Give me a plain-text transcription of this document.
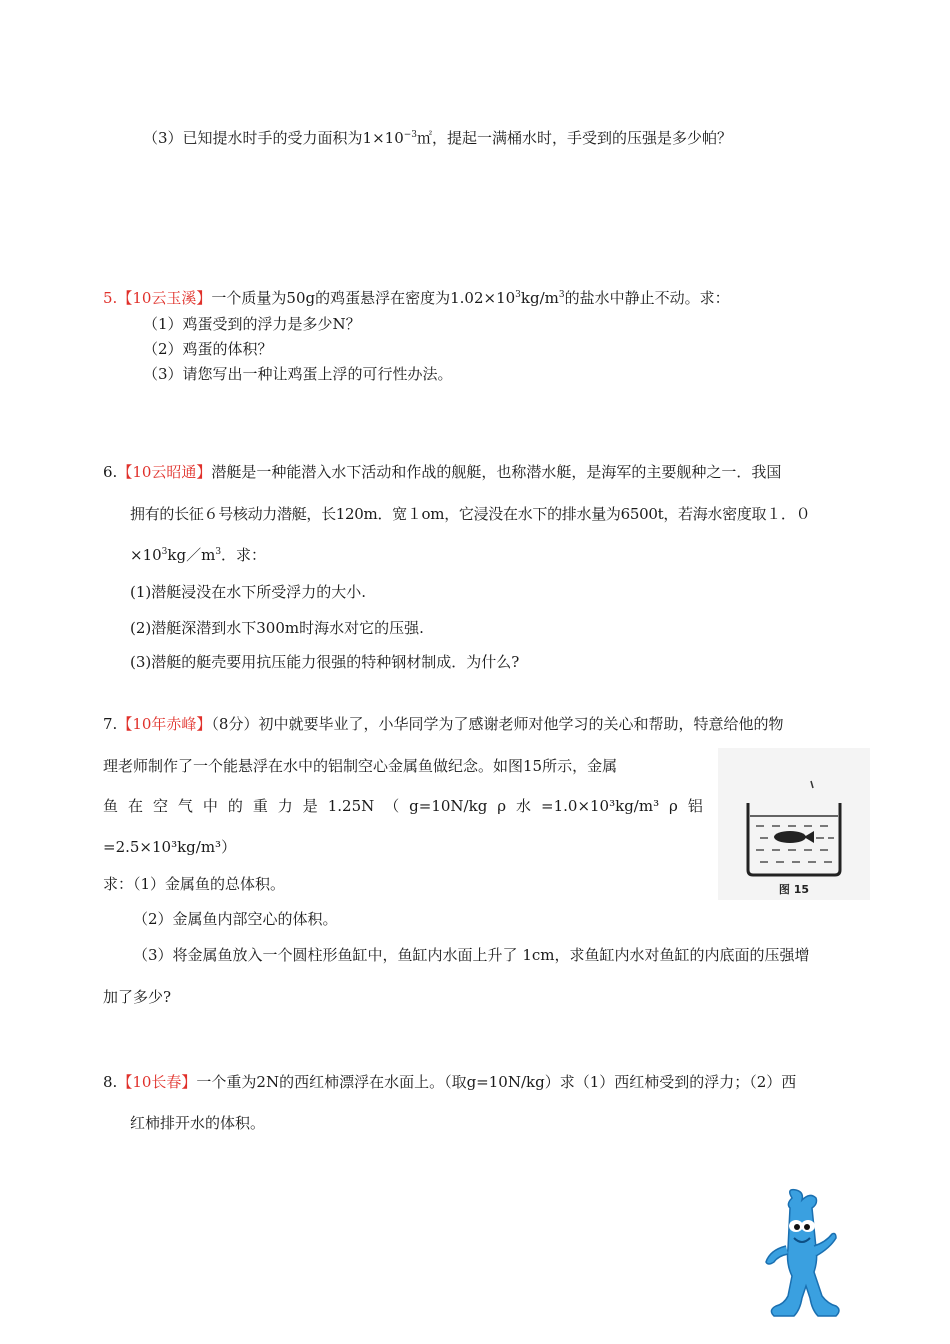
（3）已知提水时手的受力面积为$1\times 10^{-3}㎡$，提起一满桶水时，手受到的压强是多少帕？
5.【10云玉溪】一个质量为50g的鸡蛋悬浮在密度为$1.02\times 10^3kg/m^3$的盐水中静止不动。求：
（1）鸡蛋受到的浮力是多少N？
（2）鸡蛋的体积？
（3）请您写出一种让鸡蛋上浮的可行性办法。
6.【10云昭通】潜艇是一种能潜入水下活动和作战的舰艇，也称潜水艇，是海军的主要舰种之一．我国
拥有的长征６号核动力潜艇，长120m．宽１om，它浸没在水下的排水量为6500t，若海水密度取１．０
$\times 10^3kg/m^3$．求：
(1)潜艇浸没在水下所受浮力的大小.
(2)潜艇深潜到水下300m时海水对它的压强.
(3)潜艇的艇壳要用抗压能力很强的特种钢材制成．为什么?
7.【10年赤峰】（8分）初中就要毕业了，小华同学为了感谢老师对他学习的关心和帮助，特意给他的物
理老师制作了一个能悬浮在水中的铝制空心金属鱼做纪念。如图15所示，金属
鱼 在 空 气 中 的 重 力 是 1.25N （ g=10N/kg ρ 水 =1.0×10³kg/m³ ρ 铝
=2.5×10³kg/m³）
求：（1）金属鱼的总体积。
（2）金属鱼内部空心的体积。
（3）将金属鱼放入一个圆柱形鱼缸中，鱼缸内水面上升了 1cm，求鱼缸内水对鱼缸的内底面的压强增
加了多少?
图 15
8.【10长春】一个重为2N的西红柿漂浮在水面上。（取g=10N/kg）求（1）西红柿受到的浮力；（2）西
红柿排开水的体积。
